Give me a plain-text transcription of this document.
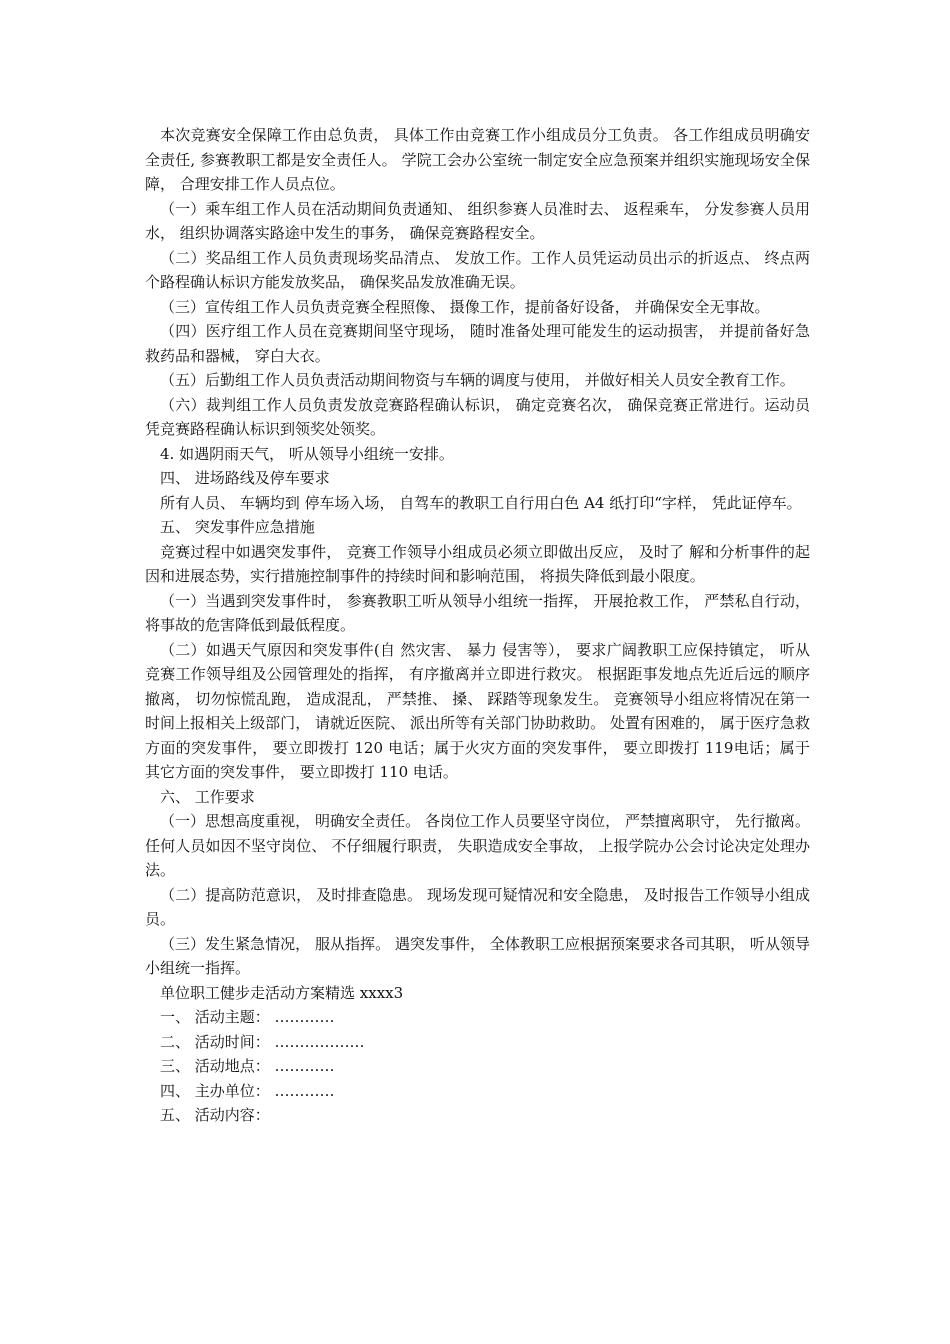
本次竞赛安全保障工作由总负责， 具体工作由竞赛工作小组成员分工负责。 各工作组成员明确安全责任, 参赛教职工都是安全责任人。 学院工会办公室统一制定安全应急预案并组织实施现场安全保障， 合理安排工作人员点位。

（一）乘车组工作人员在活动期间负责通知、 组织参赛人员准时去、 返程乘车， 分发参赛人员用水， 组织协调落实路途中发生的事务， 确保竞赛路程安全。

（二）奖品组工作人员负责现场奖品清点、 发放工作。工作人员凭运动员出示的折返点、 终点两个路程确认标识方能发放奖品， 确保奖品发放准确无误。

（三）宣传组工作人员负责竞赛全程照像、 摄像工作，提前备好设备， 并确保安全无事故。

（四）医疗组工作人员在竞赛期间坚守现场， 随时准备处理可能发生的运动损害， 并提前备好急救药品和器械， 穿白大衣。

（五）后勤组工作人员负责活动期间物资与车辆的调度与使用， 并做好相关人员安全教育工作。

（六）裁判组工作人员负责发放竞赛路程确认标识， 确定竞赛名次， 确保竞赛正常进行。运动员凭竞赛路程确认标识到领奖处领奖。

4. 如遇阴雨天气， 听从领导小组统一安排。

四、 进场路线及停车要求

所有人员、 车辆均到 停车场入场， 自驾车的教职工自行用白色 A4 纸打印“字样， 凭此证停车。

五、 突发事件应急措施

竞赛过程中如遇突发事件， 竞赛工作领导小组成员必须立即做出反应， 及时了 解和分析事件的起因和进展态势，实行措施控制事件的持续时间和影响范围， 将损失降低到最小限度。

（一）当遇到突发事件时， 参赛教职工听从领导小组统一指挥， 开展抢救工作， 严禁私自行动， 将事故的危害降低到最低程度。

（二）如遇天气原因和突发事件(自 然灾害、 暴力 侵害等）， 要求广阔教职工应保持镇定， 听从竞赛工作领导组及公园管理处的指挥， 有序撤离并立即进行救灾。 根据距事发地点先近后远的顺序撤离， 切勿惊慌乱跑， 造成混乱， 严禁推、 搡、 踩踏等现象发生。 竞赛领导小组应将情况在第一时间上报相关上级部门， 请就近医院、 派出所等有关部门协助救助。 处置有困难的， 属于医疗急救方面的突发事件， 要立即拨打 120 电话；属于火灾方面的突发事件， 要立即拨打 119电话；属于其它方面的突发事件， 要立即拨打 110 电话。

六、 工作要求

（一）思想高度重视， 明确安全责任。 各岗位工作人员要坚守岗位， 严禁擅离职守， 先行撤离。 任何人员如因不坚守岗位、 不仔细履行职责， 失职造成安全事故， 上报学院办公会讨论决定处理办法。

（二）提高防范意识， 及时排查隐患。 现场发现可疑情况和安全隐患， 及时报告工作领导小组成员。

（三）发生紧急情况， 服从指挥。 遇突发事件， 全体教职工应根据预案要求各司其职， 听从领导小组统一指挥。

单位职工健步走活动方案精选 xxxx3

一、 活动主题： …………

二、 活动时间： ………………

三、 活动地点： …………

四、 主办单位： …………

五、 活动内容：
